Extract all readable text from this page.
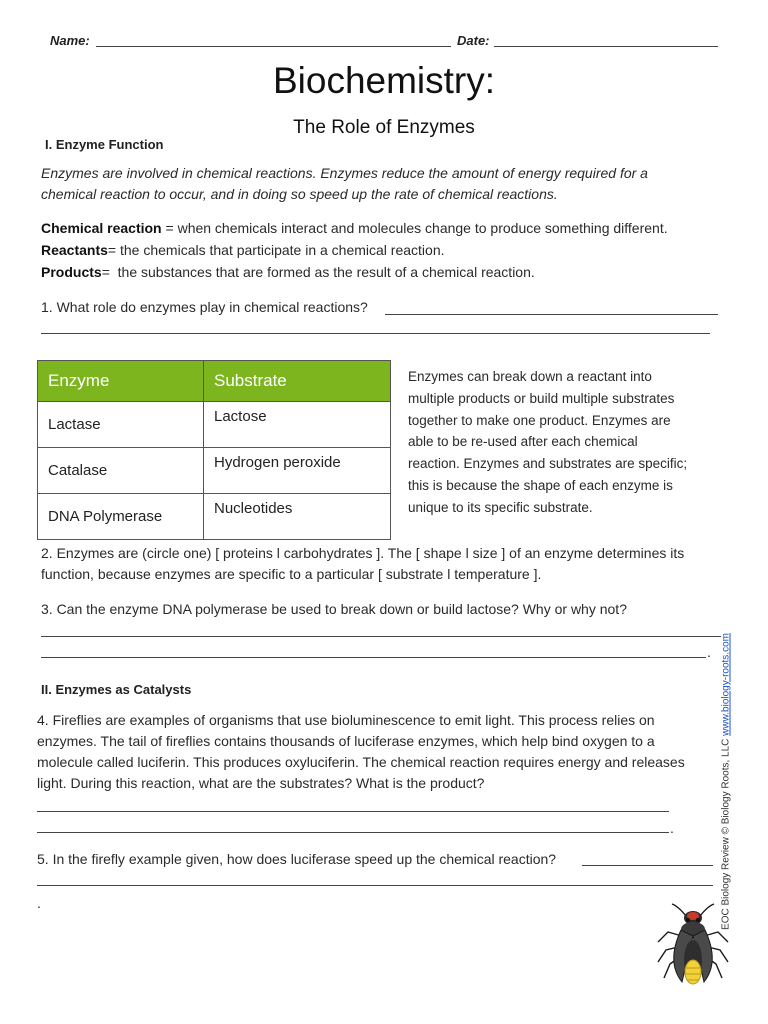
Name:	Date:
Biochemistry:
The Role of Enzymes
I. Enzyme Function
Enzymes are involved in chemical reactions. Enzymes reduce the amount of energy required for a
chemical reaction to occur, and in doing so speed up the rate of chemical reactions.
Chemical reaction = when chemicals interact and molecules change to produce something different.
Reactants= the chemicals that participate in a chemical reaction.
Products=  the substances that are formed as the result of a chemical reaction.
1. What role do enzymes play in chemical reactions?
Enzyme	Substrate
Lactase	Lactose
Catalase	Hydrogen peroxide
DNA Polymerase	Nucleotides
Enzymes can break down a reactant into
multiple products or build multiple substrates
together to make one product. Enzymes are
able to be re-used after each chemical
reaction. Enzymes and substrates are specific;
this is because the shape of each enzyme is
unique to its specific substrate.
2. Enzymes are (circle one) [ proteins l carbohydrates ]. The [ shape l size ] of an enzyme determines its
function, because enzymes are specific to a particular [ substrate l temperature ].
3. Can the enzyme DNA polymerase be used to break down or build lactose? Why or why not?
.
II. Enzymes as Catalysts
4. Fireflies are examples of organisms that use bioluminescence to emit light. This process relies on
enzymes. The tail of fireflies contains thousands of luciferase enzymes, which help bind oxygen to a
molecule called luciferin. This produces oxyluciferin. The chemical reaction requires energy and releases
light. During this reaction, what are the substrates? What is the product?
.
5. In the firefly example given, how does luciferase speed up the chemical reaction?
.	EOC Biology Review © Biology Roots, LLC www.biology-roots.com
